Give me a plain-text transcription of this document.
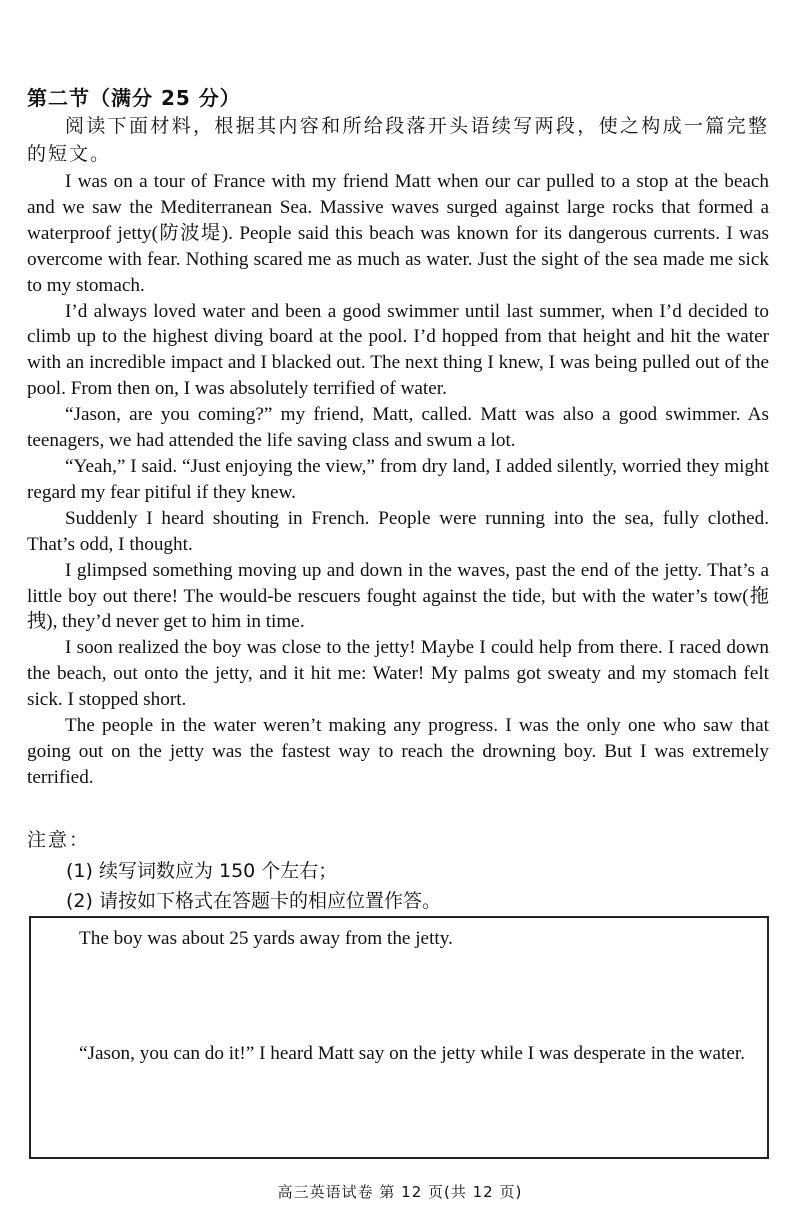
第二节（满分 25 分）
阅读下面材料，根据其内容和所给段落开头语续写两段，使之构成一篇完整的短文。

I was on a tour of France with my friend Matt when our car pulled to a stop at the beach and we saw the Mediterranean Sea. Massive waves surged against large rocks that formed a waterproof jetty(防波堤). People said this beach was known for its dangerous currents. I was overcome with fear. Nothing scared me as much as water. Just the sight of the sea made me sick to my stomach.

I’d always loved water and been a good swimmer until last summer, when I’d decided to climb up to the highest diving board at the pool. I’d hopped from that height and hit the water with an incredible impact and I blacked out. The next thing I knew, I was being pulled out of the pool. From then on, I was absolutely terrified of water.

“Jason, are you coming?” my friend, Matt, called. Matt was also a good swimmer. As teenagers, we had attended the life saving class and swum a lot.

“Yeah,” I said. “Just enjoying the view,” from dry land, I added silently, worried they might regard my fear pitiful if they knew.

Suddenly I heard shouting in French. People were running into the sea, fully clothed. That’s odd, I thought.

I glimpsed something moving up and down in the waves, past the end of the jetty. That’s a little boy out there! The would-be rescuers fought against the tide, but with the water’s tow(拖拽), they’d never get to him in time.

I soon realized the boy was close to the jetty! Maybe I could help from there. I raced down the beach, out onto the jetty, and it hit me: Water! My palms got sweaty and my stomach felt sick. I stopped short.

The people in the water weren’t making any progress. I was the only one who saw that going out on the jetty was the fastest way to reach the drowning boy. But I was extremely terrified.

注意：
(1) 续写词数应为 150 个左右；
(2) 请按如下格式在答题卡的相应位置作答。
The boy was about 25 yards away from the jetty.
“Jason, you can do it!” I heard Matt say on the jetty while I was desperate in the water.
高三英语试卷 第 12 页(共 12 页)
